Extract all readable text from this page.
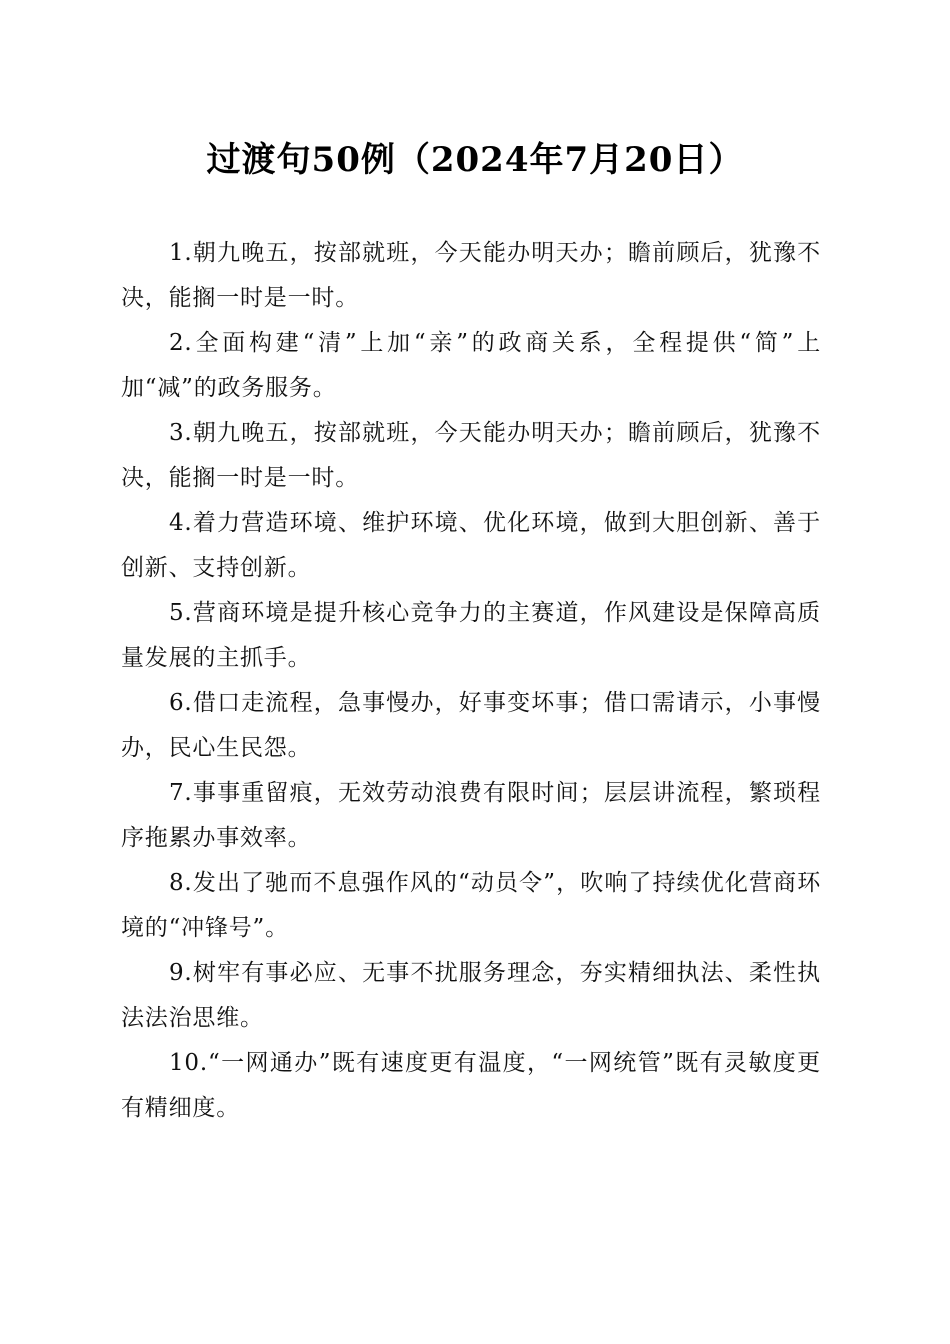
过渡句50例（2024年7月20日）

1.朝九晚五，按部就班，今天能办明天办；瞻前顾后，犹豫不决，能搁一时是一时。

2.全面构建“清”上加“亲”的政商关系，全程提供“简”上加“减”的政务服务。

3.朝九晚五，按部就班，今天能办明天办；瞻前顾后，犹豫不决，能搁一时是一时。

4.着力营造环境、维护环境、优化环境，做到大胆创新、善于创新、支持创新。

5.营商环境是提升核心竞争力的主赛道，作风建设是保障高质量发展的主抓手。

6.借口走流程，急事慢办，好事变坏事；借口需请示，小事慢办，民心生民怨。

7.事事重留痕，无效劳动浪费有限时间；层层讲流程，繁琐程序拖累办事效率。

8.发出了驰而不息强作风的“动员令”，吹响了持续优化营商环境的“冲锋号”。

9.树牢有事必应、无事不扰服务理念，夯实精细执法、柔性执法法治思维。

10.“一网通办”既有速度更有温度，“一网统管”既有灵敏度更有精细度。
